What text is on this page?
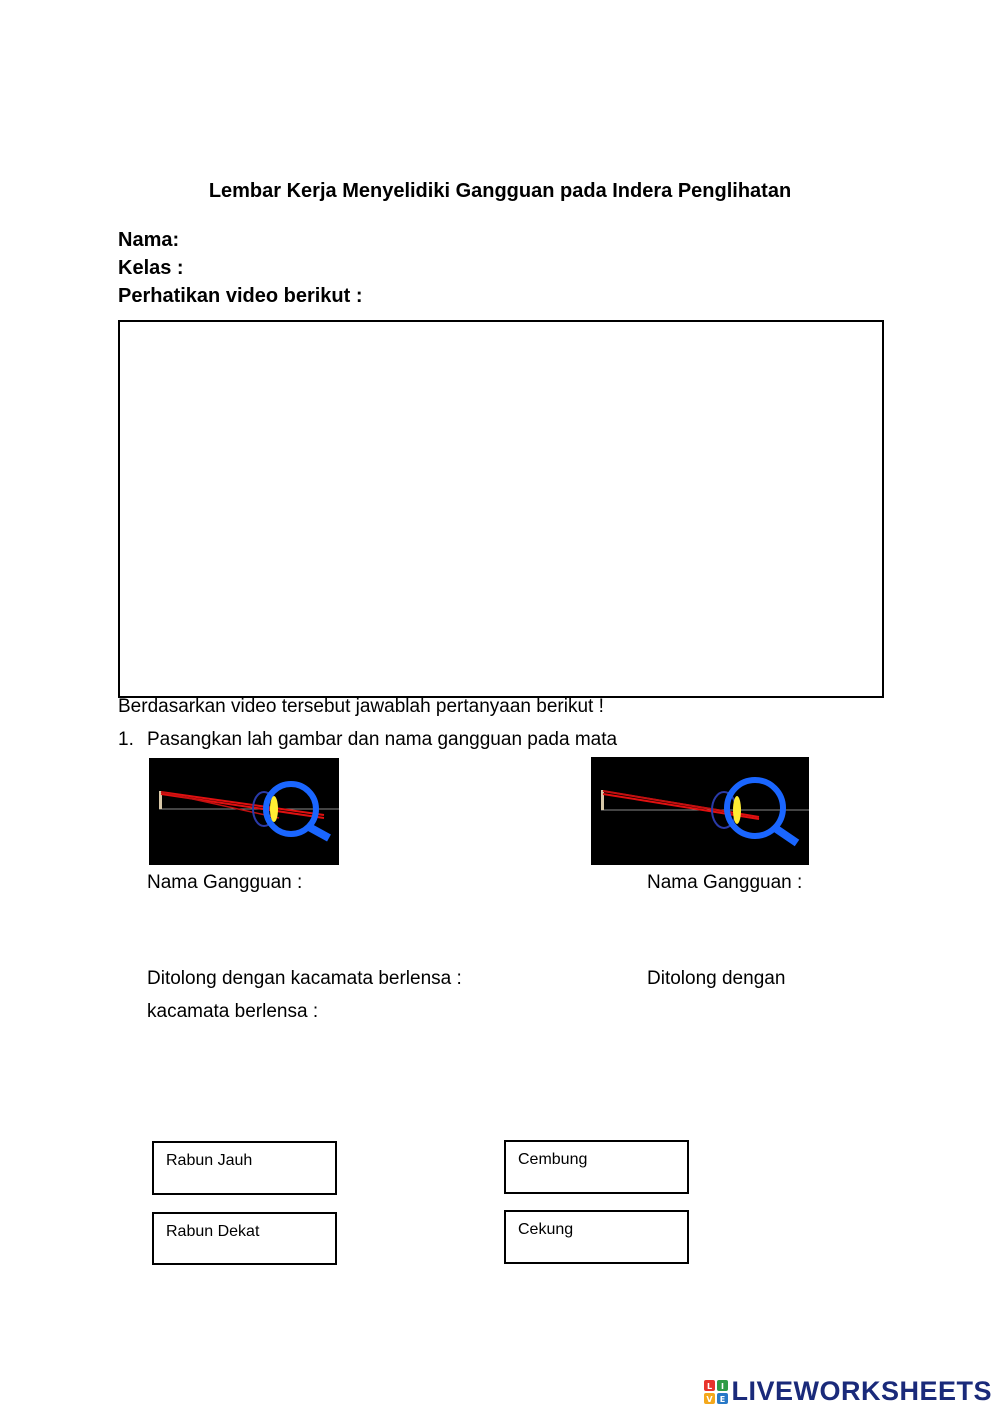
Lembar Kerja Menyelidiki Gangguan pada Indera Penglihatan
Nama:
Kelas :
Perhatikan video berikut :
Berdasarkan video tersebut jawablah pertanyaan berikut !
1. Pasangkan lah gambar dan nama gangguan pada mata
Nama Gangguan :	Nama Gangguan :
Ditolong dengan kacamata berlensa :	Ditolong dengan
kacamata berlensa :
Rabun Jauh
Rabun Dekat
Cembung
Cekung
L I
V E LIVEWORKSHEETS
